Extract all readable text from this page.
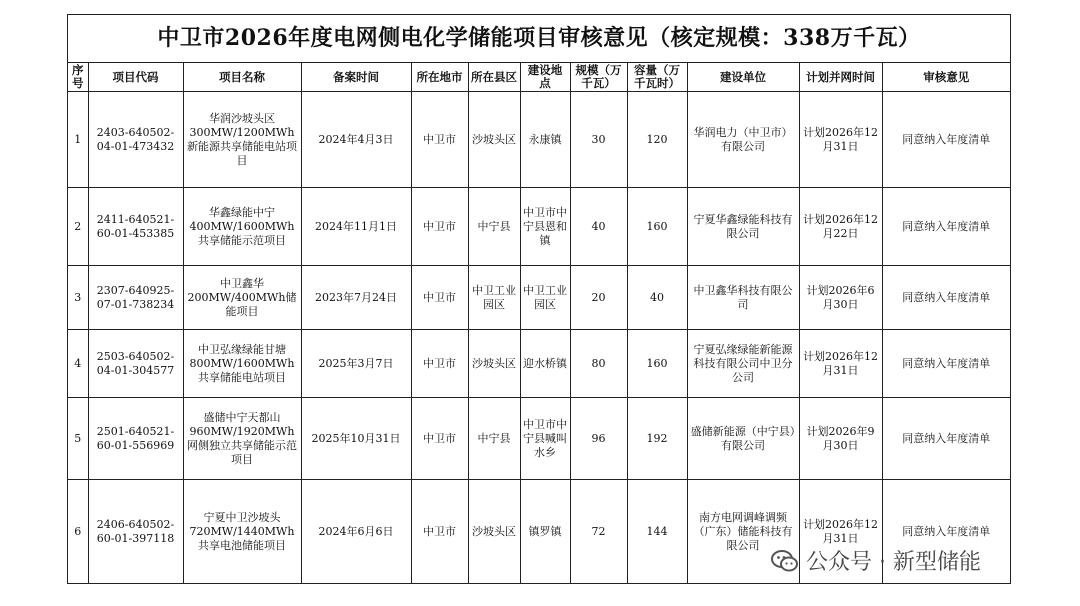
中卫市2026年度电网侧电化学储能项目审核意见（核定规模：338万千瓦）
序号	项目代码	项目名称	备案时间	所在地市	所在县区	建设地点	规模（万千瓦）	容量（万千瓦时）	建设单位	计划并网时间	审核意见
1	2403-640502-04-01-473432	华润沙坡头区300MW/1200MWh新能源共享储能电站项目	2024年4月3日	中卫市	沙坡头区	永康镇	30	120	华润电力（中卫市）有限公司	计划2026年12月31日	同意纳入年度清单
2	2411-640521-60-01-453385	华鑫绿能中宁400MW/1600MWh共享储能示范项目	2024年11月1日	中卫市	中宁县	中卫市中宁县恩和镇	40	160	宁夏华鑫绿能科技有限公司	计划2026年12月22日	同意纳入年度清单
3	2307-640925-07-01-738234	中卫鑫华200MW/400MWh储能项目	2023年7月24日	中卫市	中卫工业园区	中卫工业园区	20	40	中卫鑫华科技有限公司	计划2026年6月30日	同意纳入年度清单
4	2503-640502-04-01-304577	中卫弘缘绿能甘塘800MW/1600MWh共享储能电站项目	2025年3月7日	中卫市	沙坡头区	迎水桥镇	80	160	宁夏弘缘绿能新能源科技有限公司中卫分公司	计划2026年12月31日	同意纳入年度清单
5	2501-640521-60-01-556969	盛储中宁天都山960MW/1920MWh网侧独立共享储能示范项目	2025年10月31日	中卫市	中宁县	中卫市中宁县喊叫水乡	96	192	盛储新能源（中宁县）有限公司	计划2026年9月30日	同意纳入年度清单
6	2406-640502-60-01-397118	宁夏中卫沙坡头720MW/1440MWh共享电池储能项目	2024年6月6日	中卫市	沙坡头区	镇罗镇	72	144	南方电网调峰调频（广东）储能科技有限公司	计划2026年12月31日	同意纳入年度清单
公众号 · 新型储能
